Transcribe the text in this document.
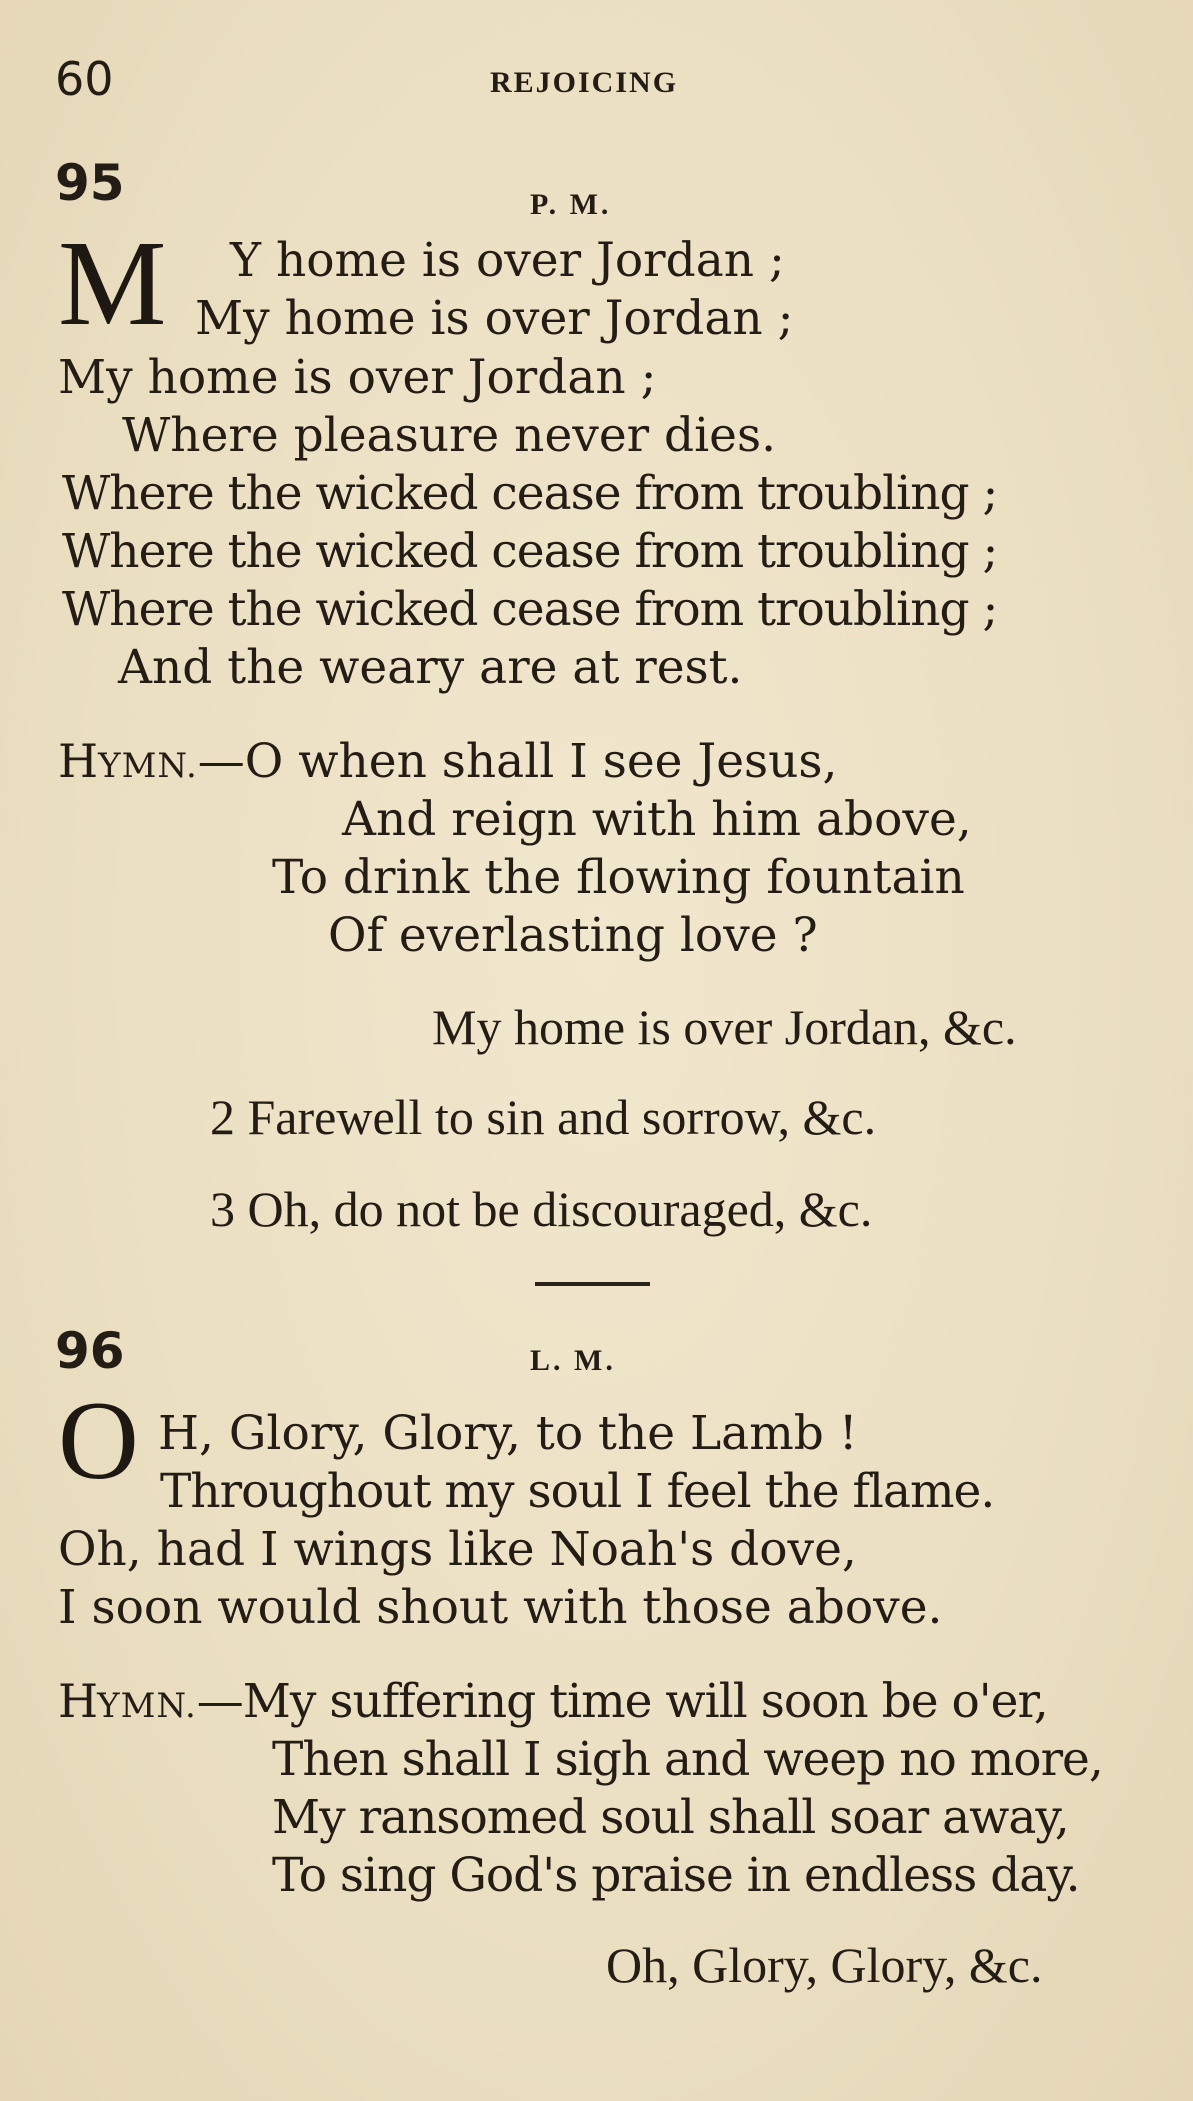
60	REJOICING
95	P. M.
M Y home is over Jordan ;
My home is over Jordan ;
My home is over Jordan ;
Where pleasure never dies.
Where the wicked cease from troubling ;
Where the wicked cease from troubling ;
Where the wicked cease from troubling ;
And the weary are at rest.
HYMN.—O when shall I see Jesus,
And reign with him above,
To drink the flowing fountain
Of everlasting love ?
My home is over Jordan, &c.
2 Farewell to sin and sorrow, &c.
3 Oh, do not be discouraged, &c.
96	L. M.
O H, Glory, Glory, to the Lamb !
Throughout my soul I feel the flame.
Oh, had I wings like Noah's dove,
I soon would shout with those above.
HYMN.—My suffering time will soon be o'er,
Then shall I sigh and weep no more,
My ransomed soul shall soar away,
To sing God's praise in endless day.
Oh, Glory, Glory, &c.
